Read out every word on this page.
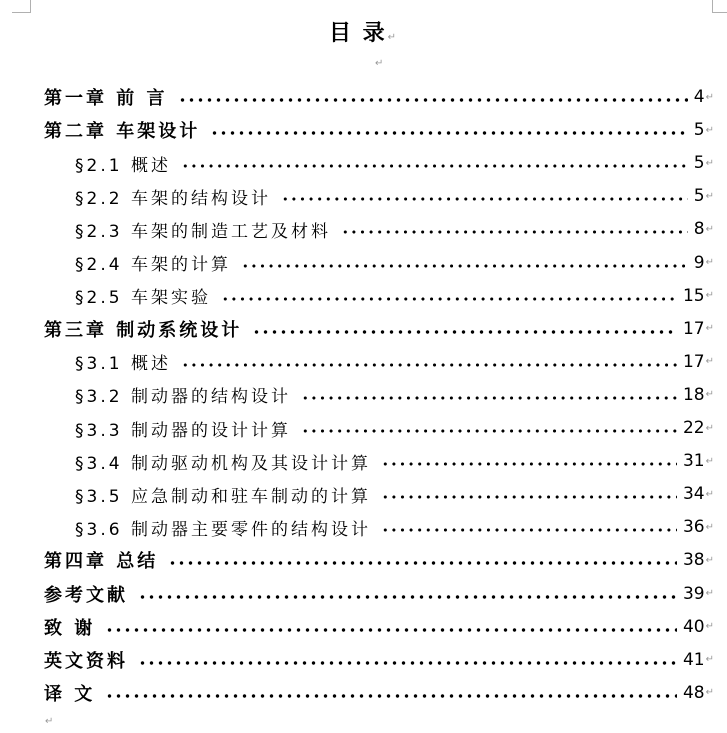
目 录↵
↵
第一章 前 言	4 ↵
第二章 车架设计	5 ↵
§2.1 概述	5 ↵
§2.2 车架的结构设计	5 ↵
§2.3 车架的制造工艺及材料	8 ↵
§2.4 车架的计算	9 ↵
§2.5 车架实验	15 ↵
第三章 制动系统设计	17 ↵
§3.1 概述	17 ↵
§3.2 制动器的结构设计	18 ↵
§3.3 制动器的设计计算	22 ↵
§3.4 制动驱动机构及其设计计算	31 ↵
§3.5 应急制动和驻车制动的计算	34 ↵
§3.6 制动器主要零件的结构设计	36 ↵
第四章 总结	38 ↵
参考文献	39 ↵
致 谢	40 ↵
英文资料	41 ↵
译 文	48 ↵
↵
